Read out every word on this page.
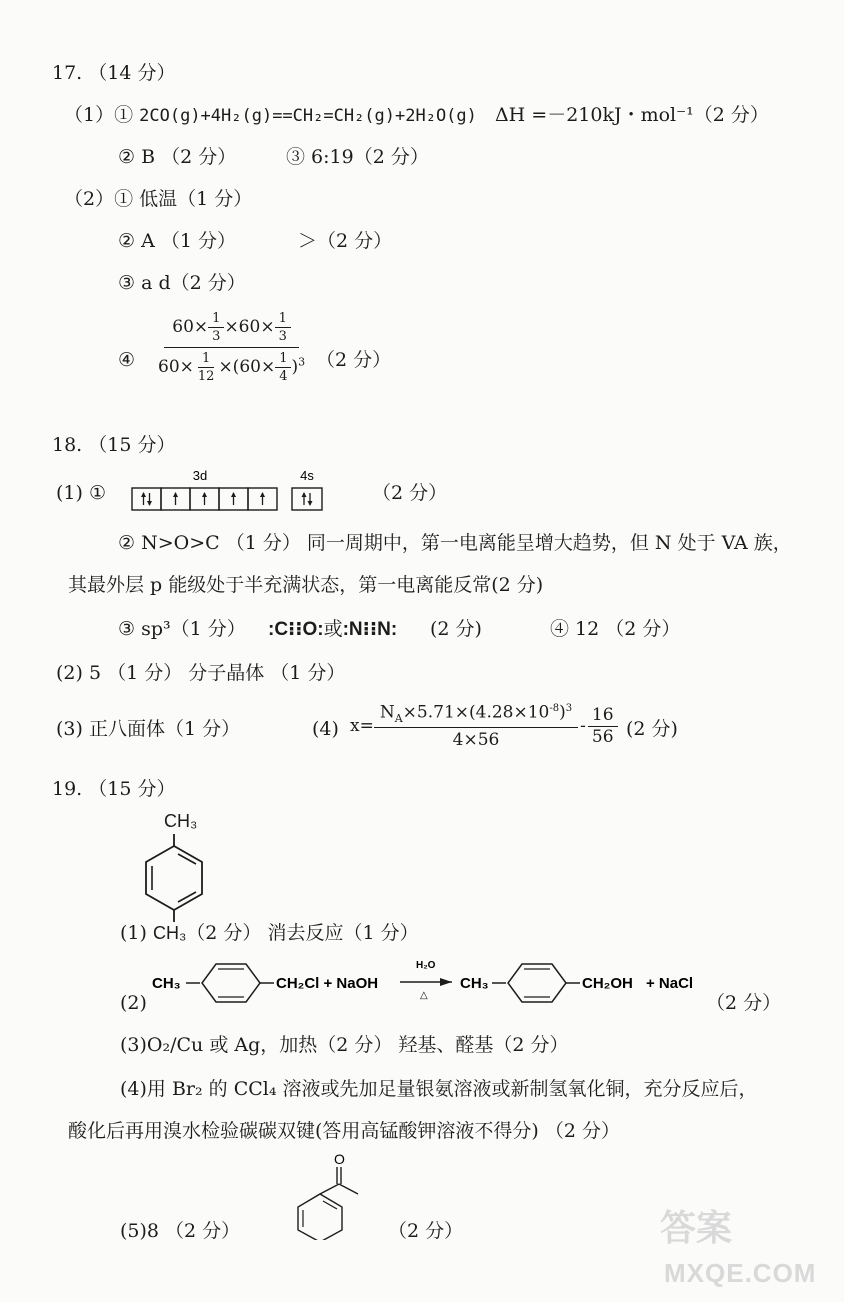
17. （14 分）
（1）① 2CO(g)+4H₂(g)==CH₂=CH₂(g)+2H₂O(g) ΔH =－210kJ・mol⁻¹（2 分）
② B （2 分）	③ 6:19（2 分）
（2）① 低温（1 分）
② A （1 分）	＞（2 分）
③ a d（2 分）
④ $\frac{60\times \frac{1}{3} \times 60\times \frac{1}{3}}{60\times \frac{1}{12} \times(60\times \frac{1}{4} )^3} (2$ 分）
18. （15 分）
(1) ①
3d	4s
（2 分）
② N>O>C （1 分） 同一周期中，第一电离能呈增大趋势，但 N 处于 VA 族，
其最外层 p 能级处于半充满状态，第一电离能反常(2 分)
③ sp³（1 分） :C⁝⁝O:或:N⁝⁝N: (2 分)	④ 12 （2 分）
(2) 5 （1 分） 分子晶体 （1 分）
(3) 正八面体（1 分）	(4) $x= \frac{N_A\times 5.71\times(4.28\times 10^{-8})^3}{4\times 56} - \frac{16}{56} (2$ 分)
19. （15 分）
CH₃
(1) CH₃（2 分） 消去反应（1 分）
(2)
CH₃	CH₂Cl + NaOH
H₂O
△
CH₃	CH₂OH + NaCl
（2 分）
(3)O₂/Cu 或 Ag，加热（2 分） 羟基、醛基（2 分）
(4)用 Br₂ 的 CCl₄ 溶液或先加足量银氨溶液或新制氢氧化铜，充分反应后，
酸化后再用溴水检验碳碳双键(答用高锰酸钾溶液不得分) （2 分）
(5)8 （2 分）
O
（2 分）	答案
MXQE.COM
